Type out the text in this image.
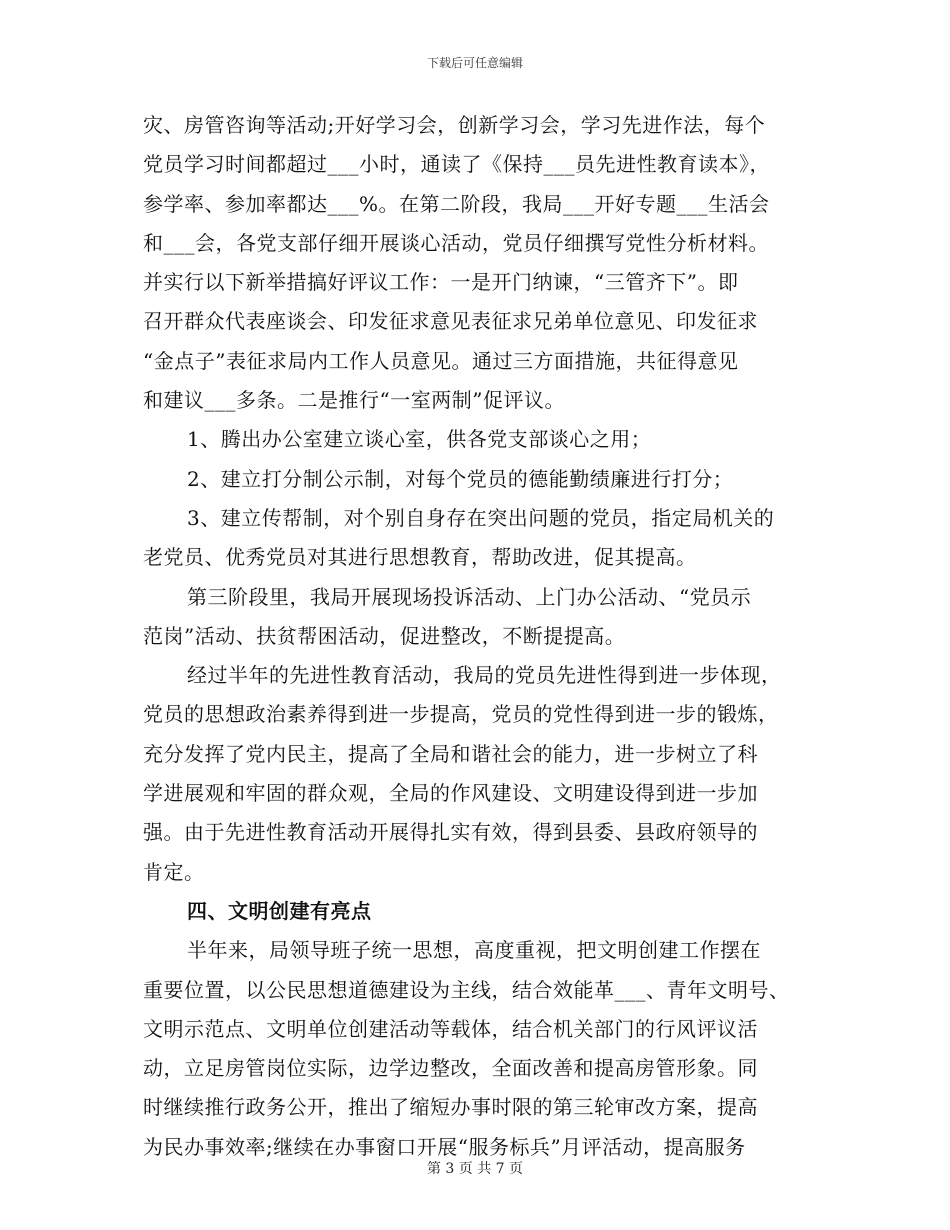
下载后可任意编辑
灾、房管咨询等活动;开好学习会，创新学习会，学习先进作法，每个
党员学习时间都超过___小时，通读了《保持___员先进性教育读本》，
参学率、参加率都达___%。在第二阶段，我局___开好专题___生活会
和___会，各党支部仔细开展谈心活动，党员仔细撰写党性分析材料。
并实行以下新举措搞好评议工作：一是开门纳谏，“三管齐下”。即
召开群众代表座谈会、印发征求意见表征求兄弟单位意见、印发征求
“金点子”表征求局内工作人员意见。通过三方面措施，共征得意见
和建议___多条。二是推行“一室两制”促评议。
1、腾出办公室建立谈心室，供各党支部谈心之用；
2、建立打分制公示制，对每个党员的德能勤绩廉进行打分；
3、建立传帮制，对个别自身存在突出问题的党员，指定局机关的
老党员、优秀党员对其进行思想教育，帮助改进，促其提高。
第三阶段里，我局开展现场投诉活动、上门办公活动、“党员示
范岗”活动、扶贫帮困活动，促进整改，不断提提高。
经过半年的先进性教育活动，我局的党员先进性得到进一步体现，
党员的思想政治素养得到进一步提高，党员的党性得到进一步的锻炼，
充分发挥了党内民主，提高了全局和谐社会的能力，进一步树立了科
学进展观和牢固的群众观，全局的作风建设、文明建设得到进一步加
强。由于先进性教育活动开展得扎实有效，得到县委、县政府领导的
肯定。
四、文明创建有亮点
半年来，局领导班子统一思想，高度重视，把文明创建工作摆在
重要位置，以公民思想道德建设为主线，结合效能革___、青年文明号、
文明示范点、文明单位创建活动等载体，结合机关部门的行风评议活
动，立足房管岗位实际，边学边整改，全面改善和提高房管形象。同
时继续推行政务公开，推出了缩短办事时限的第三轮审改方案，提高
为民办事效率;继续在办事窗口开展“服务标兵”月评活动，提高服务
第 3 页 共 7 页
